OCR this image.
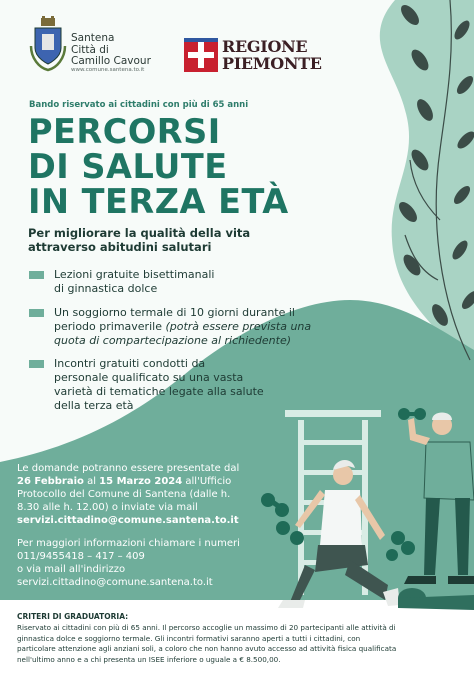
Santena
Città di
Camillo Cavour
www.comune.santena.to.it
REGIONE
PIEMONTE
Bando riservato ai cittadini con più di 65 anni
PERCORSI
DI SALUTE
IN TERZA ETÀ
Per migliorare la qualità della vita
attraverso abitudini salutari
Lezioni gratuite bisettimanali
di ginnastica dolce
Un soggiorno termale di 10 giorni durante il
periodo primaverile (potrà essere prevista una
quota di compartecipazione al richiedente)
Incontri gratuiti condotti da
personale qualificato su una vasta
varietà di tematiche legate alla salute
della terza età
Le domande potranno essere presentate dal
26 Febbraio al 15 Marzo 2024 all'Ufficio
Protocollo del Comune di Santena (dalle h.
8.30 alle h. 12.00) o inviate via mail
servizi.cittadino@comune.santena.to.it
Per maggiori informazioni chiamare i numeri
011/9455418 – 417 – 409
o via mail all'indirizzo
servizi.cittadino@comune.santena.to.it
CRITERI DI GRADUATORIA:
Riservato ai cittadini con più di 65 anni. Il percorso accoglie un massimo di 20 partecipanti alle attività di
ginnastica dolce e soggiorno termale. Gli incontri formativi saranno aperti a tutti i cittadini, con
particolare attenzione agli anziani soli, a coloro che non hanno avuto accesso ad attività fisica qualificata
nell'ultimo anno e a chi presenta un ISEE inferiore o uguale a € 8.500,00.
